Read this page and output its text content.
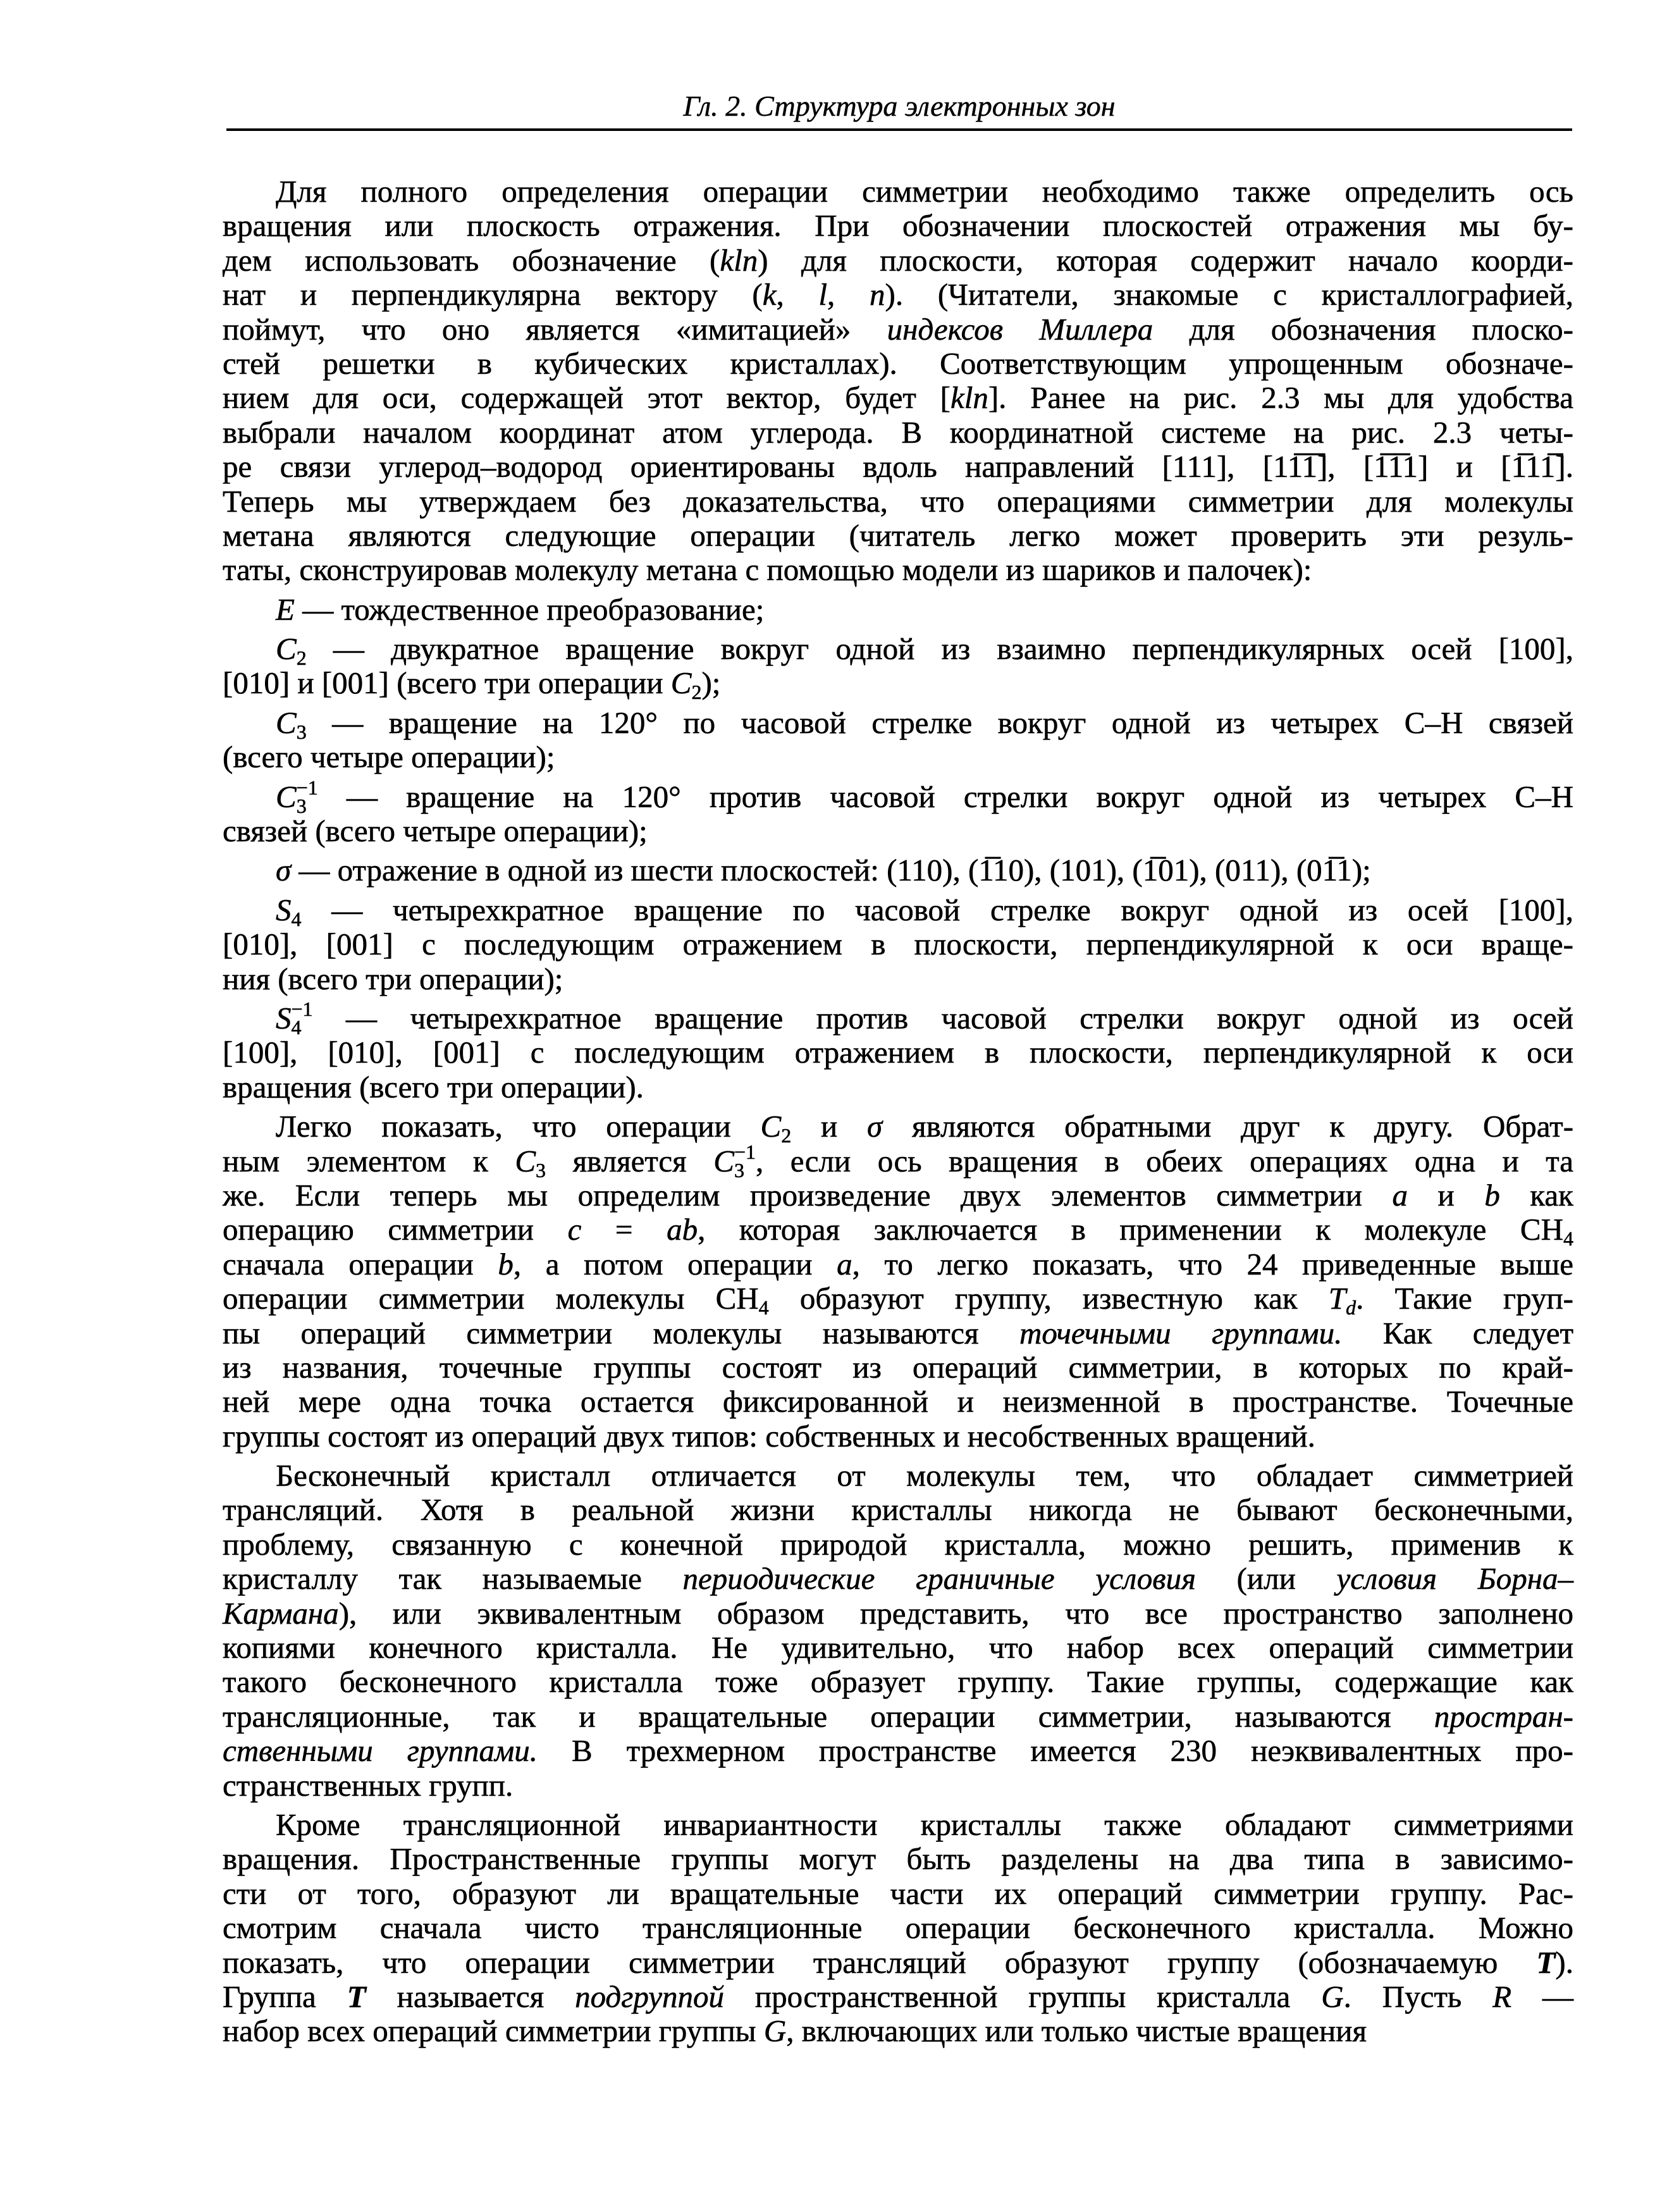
Гл. 2. Структура электронных зон
Для полного определения операции симметрии необходимо также определить ось
вращения или плоскость отражения. При обозначении плоскостей отражения мы бу-
дем использовать обозначение (kln) для плоскости, которая содержит начало коорди-
нат и перпендикулярна вектору (k, l, n). (Читатели, знакомые с кристаллографией,
поймут, что оно является «имитацией» индексов Миллера для обозначения плоско-
стей решетки в кубических кристаллах). Соответствующим упрощенным обозначе-
нием для оси, содержащей этот вектор, будет [kln]. Ранее на рис. 2.3 мы для удобства
выбрали началом координат атом углерода. В координатной системе на рис. 2.3 четы-
ре связи углерод–водород ориентированы вдоль направлений [111], [11̅1̅], [1̅1̅1] и [1̅11̅].
Теперь мы утверждаем без доказательства, что операциями симметрии для молекулы
метана являются следующие операции (читатель легко может проверить эти резуль-
таты, сконструировав молекулу метана с помощью модели из шариков и палочек):
E — тождественное преобразование;
$C_2$ — двукратное вращение вокруг одной из взаимно перпендикулярных осей [100],
[010] и [001] (всего три операции $C_2$);
$C_3$ — вращение на 120° по часовой стрелке вокруг одной из четырех C–H связей
(всего четыре операции);
$C_3^{-1}$ — вращение на 120° против часовой стрелки вокруг одной из четырех C–H
связей (всего четыре операции);
σ — отражение в одной из шести плоскостей: (110), (1̅10), (101), (1̅01), (011), (01̅1);
$S_4$ — четырехкратное вращение по часовой стрелке вокруг одной из осей [100],
[010], [001] с последующим отражением в плоскости, перпендикулярной к оси враще-
ния (всего три операции);
$S_4^{-1}$ — четырехкратное вращение против часовой стрелки вокруг одной из осей
[100], [010], [001] с последующим отражением в плоскости, перпендикулярной к оси
вращения (всего три операции).
Легко показать, что операции $C_2$ и σ являются обратными друг к другу. Обрат-
ным элементом к $C_3$ является $C_3^{-1}$, если ось вращения в обеих операциях одна и та
же. Если теперь мы определим произведение двух элементов симметрии a и b как
операцию симметрии c = ab, которая заключается в применении к молекуле $CH_4$
сначала операции b, а потом операции a, то легко показать, что 24 приведенные выше
операции симметрии молекулы $CH_4$ образуют группу, известную как Td. Такие груп-
пы операций симметрии молекулы называются точечными группами. Как следует
из названия, точечные группы состоят из операций симметрии, в которых по край-
ней мере одна точка остается фиксированной и неизменной в пространстве. Точечные
группы состоят из операций двух типов: собственных и несобственных вращений.
Бесконечный кристалл отличается от молекулы тем, что обладает симметрией
трансляций. Хотя в реальной жизни кристаллы никогда не бывают бесконечными,
проблему, связанную с конечной природой кристалла, можно решить, применив к
кристаллу так называемые периодические граничные условия (или условия Борна–
Кармана), или эквивалентным образом представить, что все пространство заполнено
копиями конечного кристалла. Не удивительно, что набор всех операций симметрии
такого бесконечного кристалла тоже образует группу. Такие группы, содержащие как
трансляционные, так и вращательные операции симметрии, называются простран-
ственными группами. В трехмерном пространстве имеется 230 неэквивалентных про-
странственных групп.
Кроме трансляционной инвариантности кристаллы также обладают симметриями
вращения. Пространственные группы могут быть разделены на два типа в зависимо-
сти от того, образуют ли вращательные части их операций симметрии группу. Рас-
смотрим сначала чисто трансляционные операции бесконечного кристалла. Можно
показать, что операции симметрии трансляций образуют группу (обозначаемую T).
Группа T называется подгруппой пространственной группы кристалла G. Пусть R —
набор всех операций симметрии группы G, включающих или только чистые вращения
